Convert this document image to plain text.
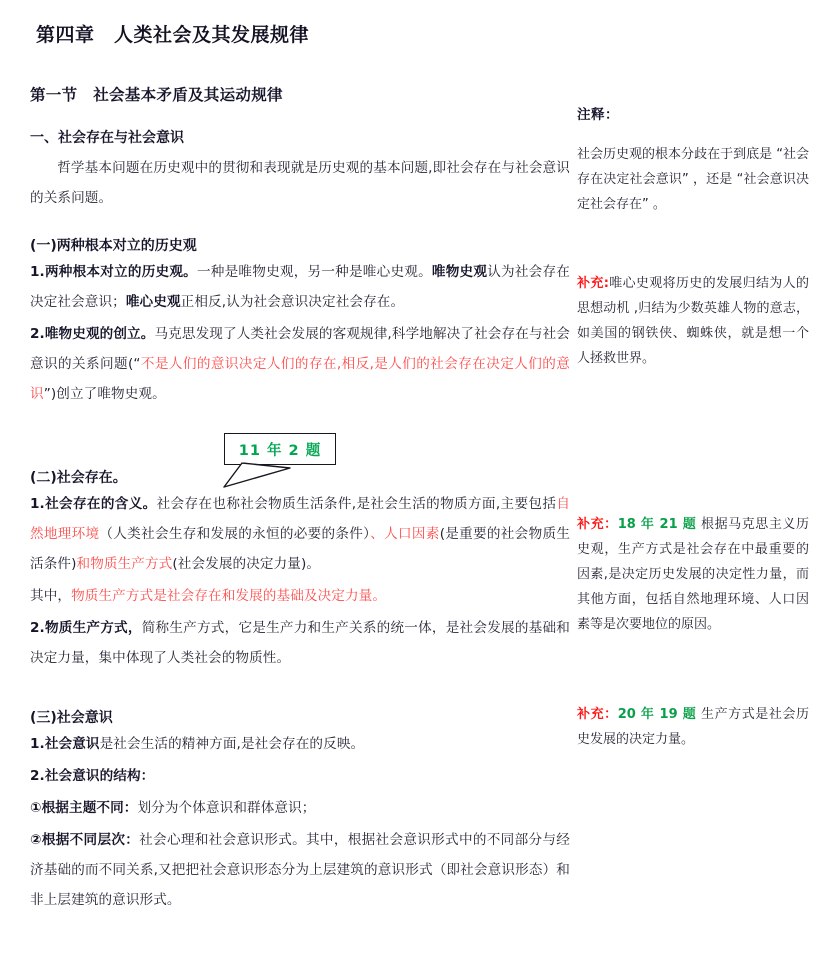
第四章　人类社会及其发展规律
第一节　社会基本矛盾及其运动规律
一、社会存在与社会意识

哲学基本问题在历史观中的贯彻和表现就是历史观的基本问题,即社会存在与社会意识的关系问题。

(一)两种根本对立的历史观

1.两种根本对立的历史观。一种是唯物史观，另一种是唯心史观。唯物史观认为社会存在决定社会意识；唯心史观正相反,认为社会意识决定社会存在。

2.唯物史观的创立。马克思发现了人类社会发展的客观规律,科学地解决了社会存在与社会意识的关系问题(“不是人们的意识决定人们的存在,相反,是人们的社会存在决定人们的意识”)创立了唯物史观。

(二)社会存在。

1.社会存在的含义。社会存在也称社会物质生活条件,是社会生活的物质方面,主要包括自然地理环境（人类社会生存和发展的永恒的必要的条件）、人口因素(是重要的社会物质生活条件)和物质生产方式(社会发展的决定力量)。

其中，物质生产方式是社会存在和发展的基础及决定力量。

2.物质生产方式，简称生产方式，它是生产力和生产关系的统一体，是社会发展的基础和决定力量，集中体现了人类社会的物质性。

(三)社会意识

1.社会意识是社会生活的精神方面,是社会存在的反映。

2.社会意识的结构：

①根据主题不同：划分为个体意识和群体意识；

②根据不同层次：社会心理和社会意识形式。其中，根据社会意识形式中的不同部分与经济基础的而不同关系,又把把社会意识形态分为上层建筑的意识形式（即社会意识形态）和非上层建筑的意识形式。

11 年 2 题
注释：

社会历史观的根本分歧在于到底是 “社会存在决定社会意识” ，还是 “社会意识决定社会存在” 。

补充:唯心史观将历史的发展归结为人的思想动机 ,归结为少数英雄人物的意志，如美国的钢铁侠、蜘蛛侠，就是想一个人拯救世界。

补充：18 年 21 题 根据马克思主义历史观，生产方式是社会存在中最重要的因素,是决定历史发展的决定性力量，而其他方面，包括自然地理环境、人口因素等是次要地位的原因。

补充：20 年 19 题 生产方式是社会历史发展的决定力量。
